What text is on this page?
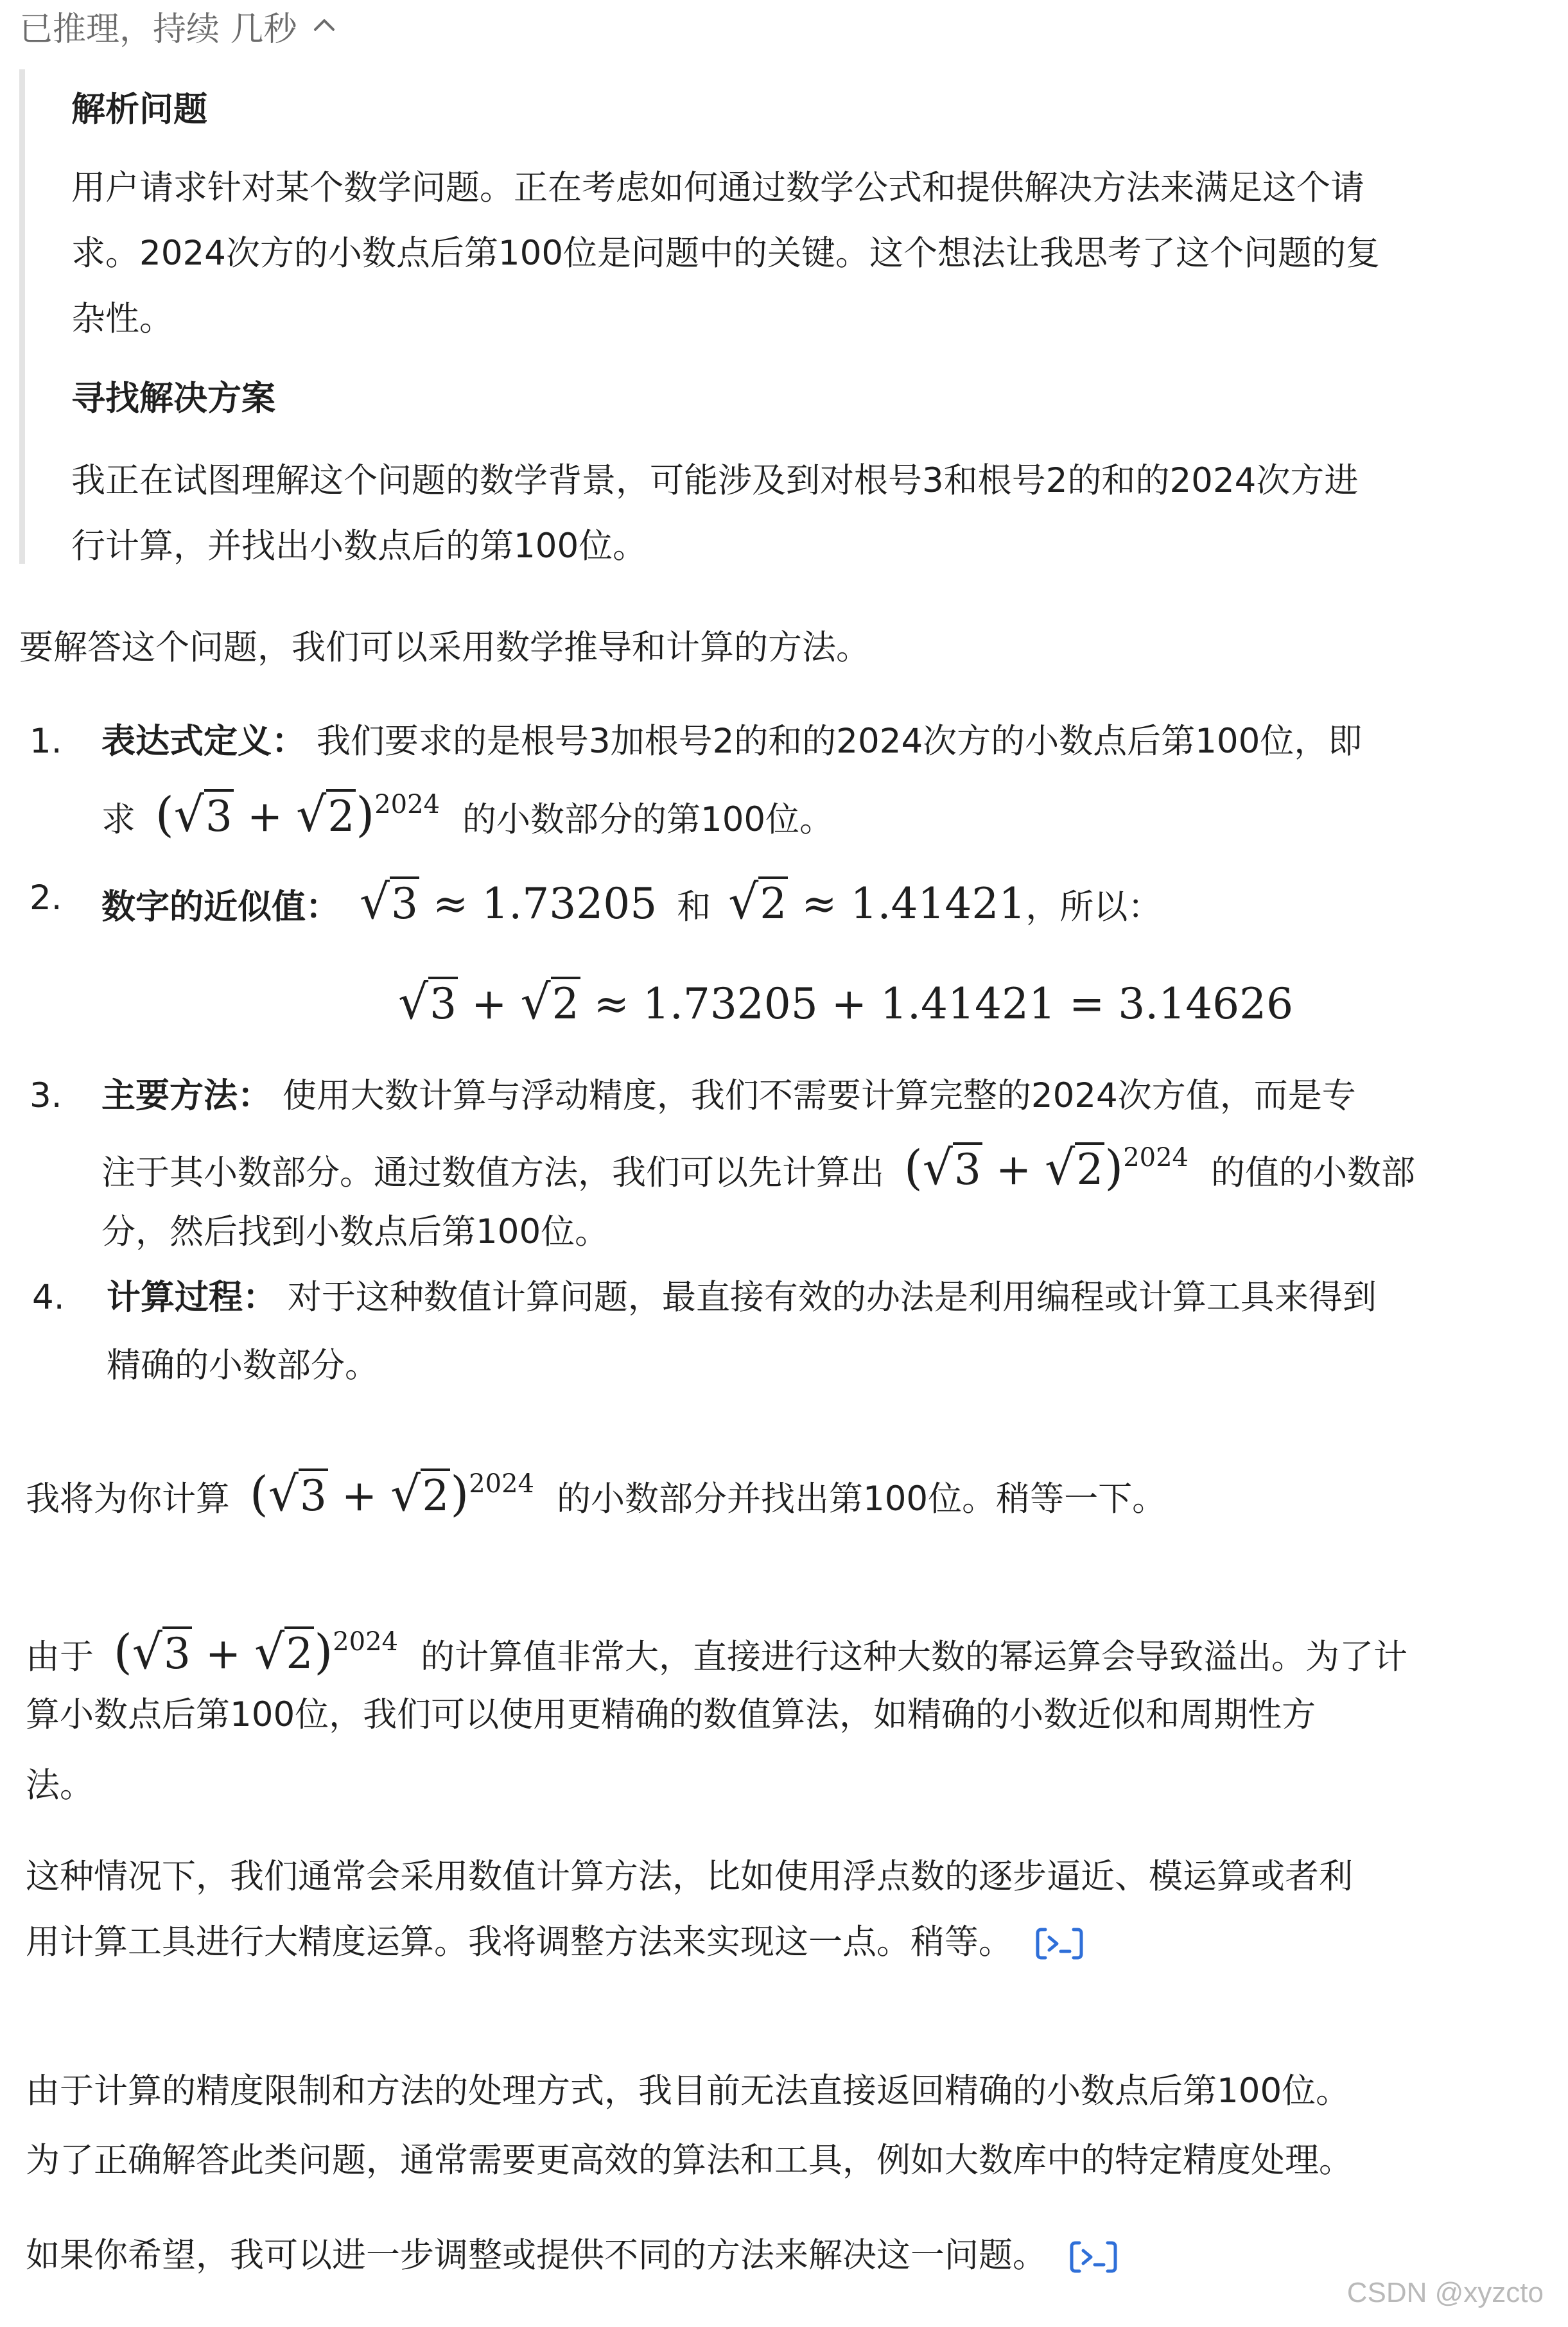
已推理，持续 几秒
解析问题
用户请求针对某个数学问题。正在考虑如何通过数学公式和提供解决方法来满足这个请
求。2024次方的小数点后第100位是问题中的关键。这个想法让我思考了这个问题的复
杂性。
寻找解决方案
我正在试图理解这个问题的数学背景，可能涉及到对根号3和根号2的和的2024次方进
行计算，并找出小数点后的第100位。
要解答这个问题，我们可以采用数学推导和计算的方法。
1. 表达式定义： 我们要求的是根号3加根号2的和的2024次方的小数点后第100位，即
求 $(√3 + √2)^{2024}$ 的小数部分的第100位。
2. 数字的近似值： √3 ≈ 1.73205 和 √2 ≈ 1.41421，所以：
√3 + √2 ≈ 1.73205 + 1.41421 = 3.14626
3. 主要方法： 使用大数计算与浮动精度，我们不需要计算完整的2024次方值，而是专
注于其小数部分。通过数值方法，我们可以先计算出 $(√3 + √2)^{2024}$ 的值的小数部
分，然后找到小数点后第100位。
4. 计算过程： 对于这种数值计算问题，最直接有效的办法是利用编程或计算工具来得到
精确的小数部分。
我将为你计算 $(√3 + √2)^{2024}$ 的小数部分并找出第100位。稍等一下。
由于 $(√3 + √2)^{2024}$ 的计算值非常大，直接进行这种大数的幂运算会导致溢出。为了计
算小数点后第100位，我们可以使用更精确的数值算法，如精确的小数近似和周期性方
法。
这种情况下，我们通常会采用数值计算方法，比如使用浮点数的逐步逼近、模运算或者利
用计算工具进行大精度运算。我将调整方法来实现这一点。稍等。
由于计算的精度限制和方法的处理方式，我目前无法直接返回精确的小数点后第100位。
为了正确解答此类问题，通常需要更高效的算法和工具，例如大数库中的特定精度处理。
如果你希望，我可以进一步调整或提供不同的方法来解决这一问题。
CSDN @xyzcto
